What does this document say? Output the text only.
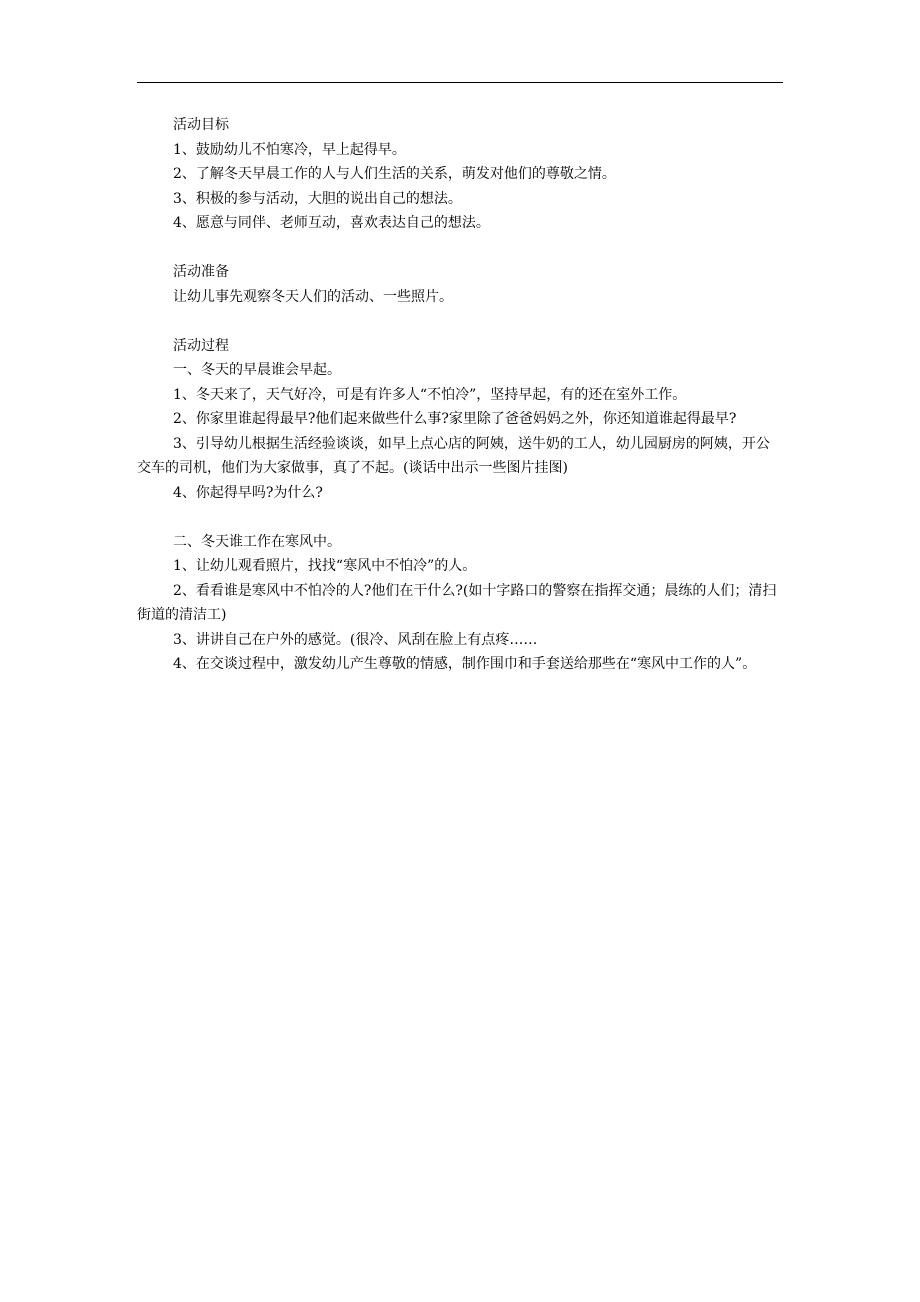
活动目标

1、鼓励幼儿不怕寒冷，早上起得早。

2、了解冬天早晨工作的人与人们生活的关系，萌发对他们的尊敬之情。

3、积极的参与活动，大胆的说出自己的想法。

4、愿意与同伴、老师互动，喜欢表达自己的想法。

活动准备

让幼儿事先观察冬天人们的活动、一些照片。

活动过程

一、冬天的早晨谁会早起。

1、冬天来了，天气好冷，可是有许多人“不怕冷”，坚持早起，有的还在室外工作。

2、你家里谁起得最早?他们起来做些什么事?家里除了爸爸妈妈之外，你还知道谁起得最早?

3、引导幼儿根据生活经验谈谈，如早上点心店的阿姨，送牛奶的工人，幼儿园厨房的阿姨，开公交车的司机，他们为大家做事，真了不起。(谈话中出示一些图片挂图)

4、你起得早吗?为什么?

二、冬天谁工作在寒风中。

1、让幼儿观看照片，找找“寒风中不怕冷”的人。

2、看看谁是寒风中不怕冷的人?他们在干什么?(如十字路口的警察在指挥交通；晨练的人们；清扫街道的清洁工)

3、讲讲自己在户外的感觉。(很冷、风刮在脸上有点疼……

4、在交谈过程中，激发幼儿产生尊敬的情感，制作围巾和手套送给那些在“寒风中工作的人”。
